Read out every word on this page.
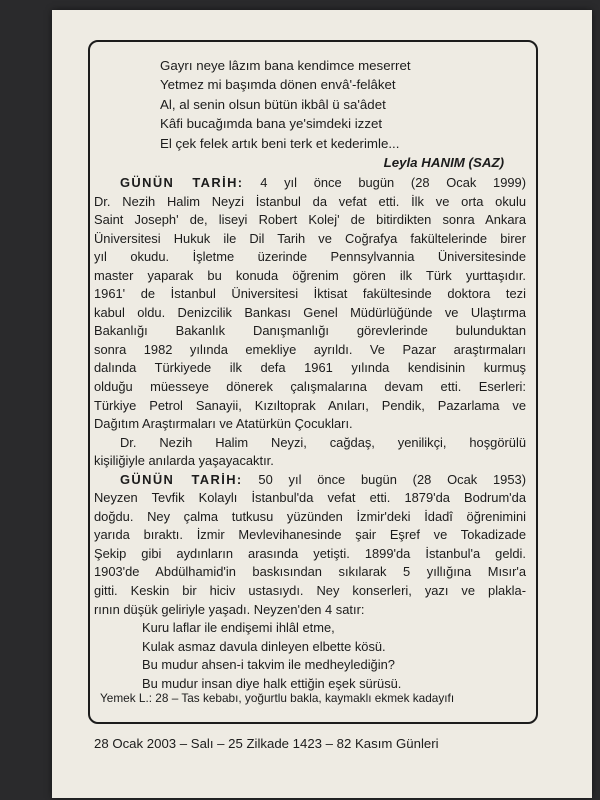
Gayrı neye lâzım bana kendimce meserret
Yetmez mi başımda dönen envâ'-felâket
Al, al senin olsun bütün ikbâl ü sa'âdet
Kâfi bucağımda bana ye'simdeki izzet
El çek felek artık beni terk et kederimle...
Leyla HANIM (SAZ)
GÜNÜN TARİH: 4 yıl önce bugün (28 Ocak 1999)
Dr. Nezih Halim Neyzi İstanbul da vefat etti. İlk ve orta okulu
Saint Joseph' de, liseyi Robert Kolej' de bitirdikten sonra Ankara
Üniversitesi Hukuk ile Dil Tarih ve Coğrafya fakültelerinde birer
yıl okudu. İşletme üzerinde Pennsylvannia Üniversitesinde
master yaparak bu konuda öğrenim gören ilk Türk yurttaşıdır.
1961' de İstanbul Üniversitesi İktisat fakültesinde doktora tezi
kabul oldu. Denizcilik Bankası Genel Müdürlüğünde ve Ulaştırma
Bakanlığı Bakanlık Danışmanlığı görevlerinde bulunduktan
sonra 1982 yılında emekliye ayrıldı. Ve Pazar araştırmaları
dalında Türkiyede ilk defa 1961 yılında kendisinin kurmuş
olduğu müesseye dönerek çalışmalarına devam etti. Eserleri:
Türkiye Petrol Sanayii, Kızıltoprak Anıları, Pendik, Pazarlama ve
Dağıtım Araştırmaları ve Atatürkün Çocukları.
Dr. Nezih Halim Neyzi, cağdaş, yenilikçi, hoşgörülü
kişiliğiyle anılarda yaşayacaktır.
GÜNÜN TARİH: 50 yıl önce bugün (28 Ocak 1953)
Neyzen Tevfik Kolaylı İstanbul'da vefat etti. 1879'da Bodrum'da
doğdu. Ney çalma tutkusu yüzünden İzmir'deki İdadî öğrenimini
yarıda bıraktı. İzmir Mevlevihanesinde şair Eşref ve Tokadizade
Şekip gibi aydınların arasında yetişti. 1899'da İstanbul'a geldi.
1903'de Abdülhamid'in baskısından sıkılarak 5 yıllığına Mısır'a
gitti. Keskin bir hiciv ustasıydı. Ney konserleri, yazı ve plakla-
rının düşük geliriyle yaşadı. Neyzen'den 4 satır:
Kuru laflar ile endişemi ihlâl etme,
Kulak asmaz davula dinleyen elbette kösü.
Bu mudur ahsen-i takvim ile medheylediğin?
Bu mudur insan diye halk ettiğin eşek sürüsü.
Yemek L.: 28 – Tas kebabı, yoğurtlu bakla, kaymaklı ekmek kadayıfı
28 Ocak 2003 – Salı – 25 Zilkade 1423 – 82 Kasım Günleri
